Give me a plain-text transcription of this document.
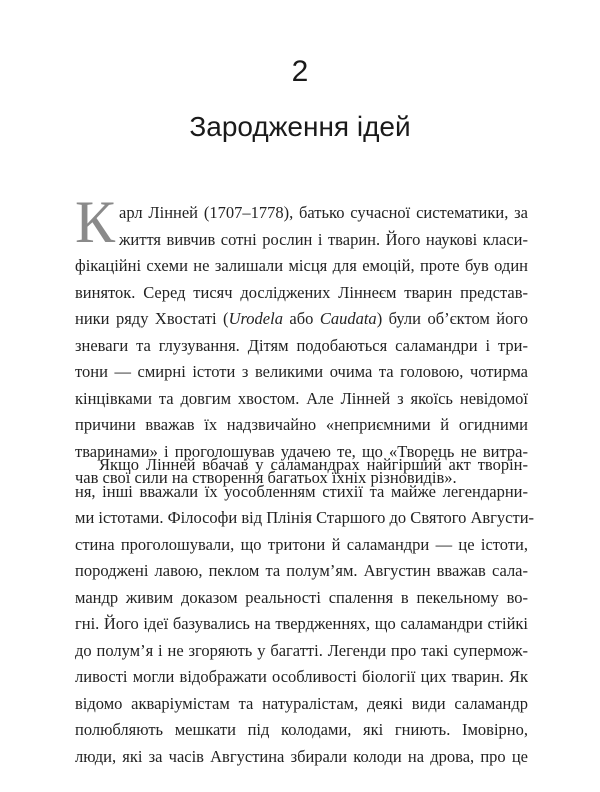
2
Зародження ідей
К арл Лінней (1707–1778), батько сучасної систематики, за
життя вивчив сотні рослин і тварин. Його наукові класи-
фікаційні схеми не залишали місця для емоцій, проте був один
виняток. Серед тисяч досліджених Ліннеєм тварин представ-
ники ряду Хвостаті (Urodela або Caudata) були об’єктом його
зневаги та глузування. Дітям подобаються саламандри і три-
тони — смирні істоти з великими очима та головою, чотирма
кінцівками та довгим хвостом. Але Лінней з якоїсь невідомої
причини вважав їх надзвичайно «неприємними й огидними
тваринами» і проголошував удачею те, що «Творець не витра-
чав свої сили на створення багатьох їхніх різновидів».
Якщо Лінней вбачав у саламандрах найгірший акт творін-
ня, інші вважали їх уособленням стихії та майже легендарни-
ми істотами. Філософи від Плінія Старшого до Святого Августи-
стина проголошували, що тритони й саламандри — це істоти,
породжені лавою, пеклом та полум’ям. Августин вважав сала-
мандр живим доказом реальності спалення в пекельному во-
гні. Його ідеї базувались на твердженнях, що саламандри стійкі
до полум’я і не згоряють у багатті. Легенди про такі супермож-
ливості могли відображати особливості біології цих тварин. Як
відомо акваріумістам та натуралістам, деякі види саламандр
полюбляють мешкати під колодами, які гниють. Імовірно,
люди, які за часів Августина збирали колоди на дрова, про це
